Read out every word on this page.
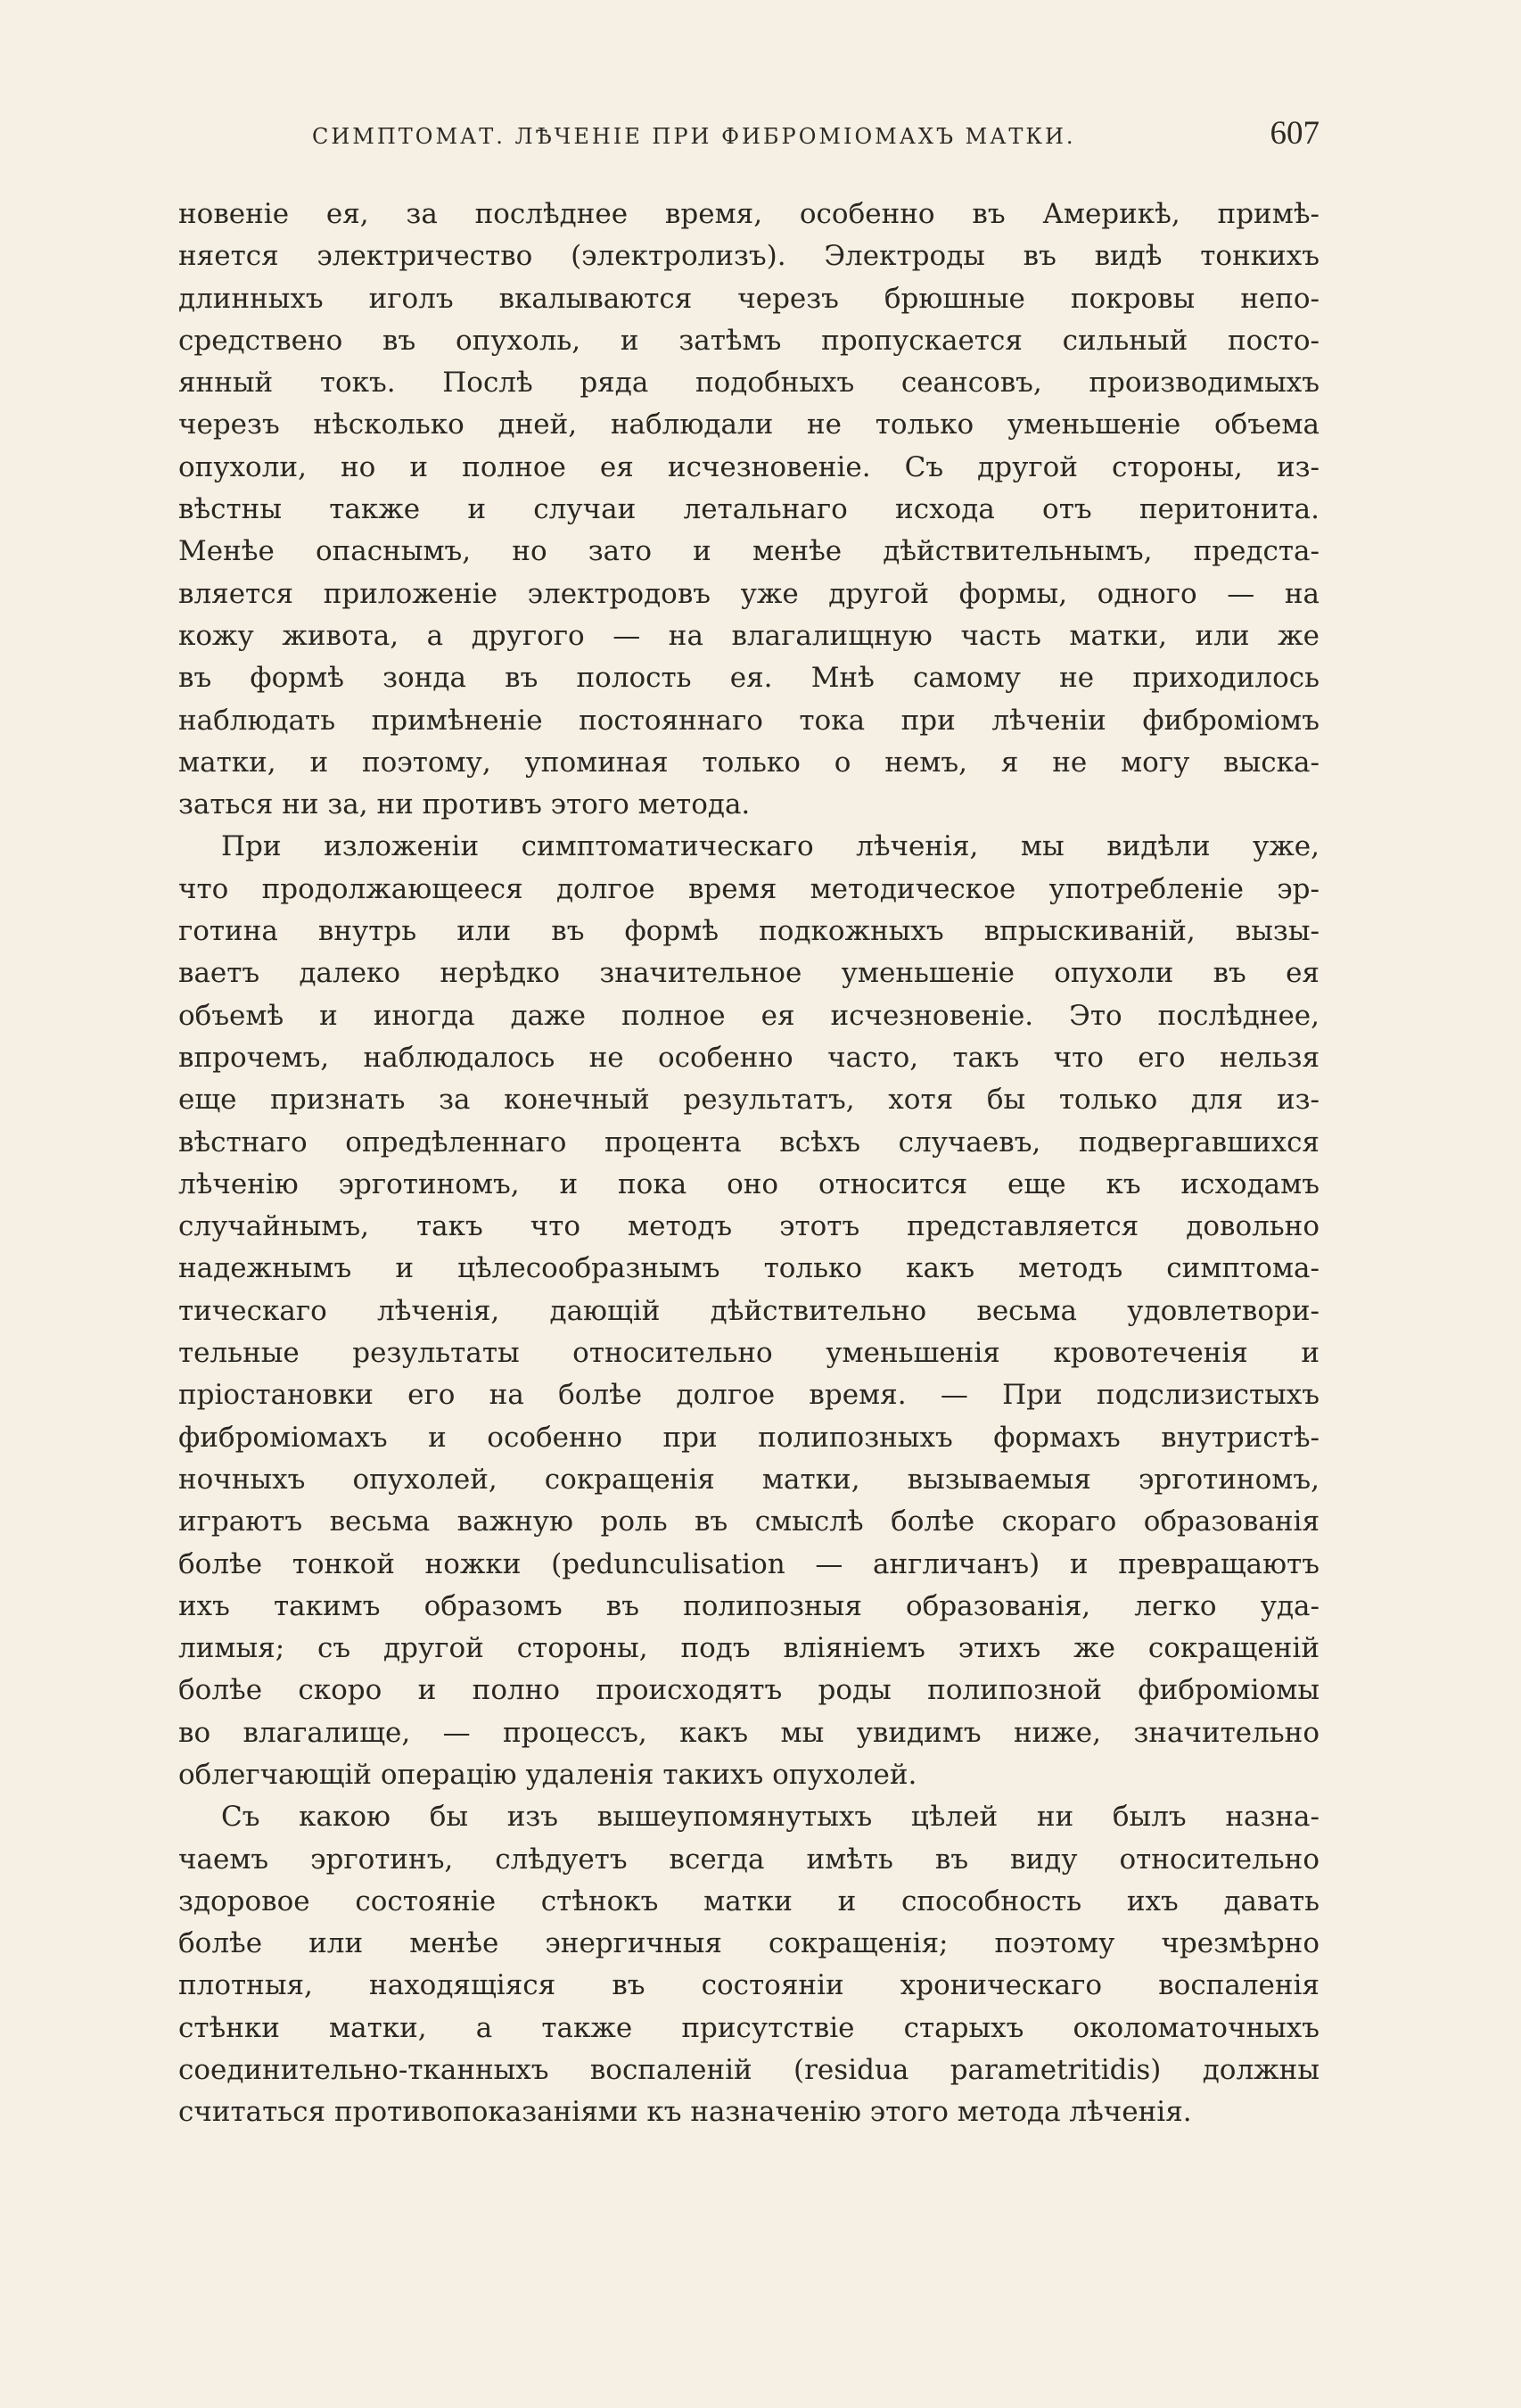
СИМПТОМАТ. ЛѢЧЕНІЕ ПРИ ФИБРОМІОМАХЪ МАТКИ.	607
новеніе ея, за послѣднее время, особенно въ Америкѣ, примѣ-
няется электричество (электролизъ). Электроды въ видѣ тонкихъ
длинныхъ иголъ вкалываются черезъ брюшные покровы непо-
средствено въ опухоль, и затѣмъ пропускается сильный посто-
янный токъ. Послѣ ряда подобныхъ сеансовъ, производимыхъ
черезъ нѣсколько дней, наблюдали не только уменьшеніе объема
опухоли, но и полное ея исчезновеніе. Съ другой стороны, из-
вѣстны также и случаи летальнаго исхода отъ перитонита.
Менѣе опаснымъ, но зато и менѣе дѣйствительнымъ, предста-
вляется приложеніе электродовъ уже другой формы, одного — на
кожу живота, а другого — на влагалищную часть матки, или же
въ формѣ зонда въ полость ея. Мнѣ самому не приходилось
наблюдать примѣненіе постояннаго тока при лѣченіи фиброміомъ
матки, и поэтому, упоминая только о немъ, я не могу выска-
заться ни за, ни противъ этого метода.
При изложеніи симптоматическаго лѣченія, мы видѣли уже,
что продолжающееся долгое время методическое употребленіе эр-
готина внутрь или въ формѣ подкожныхъ впрыскиваній, вызы-
ваетъ далеко нерѣдко значительное уменьшеніе опухоли въ ея
объемѣ и иногда даже полное ея исчезновеніе. Это послѣднее,
впрочемъ, наблюдалось не особенно часто, такъ что его нельзя
еще признать за конечный результатъ, хотя бы только для из-
вѣстнаго опредѣленнаго процента всѣхъ случаевъ, подвергавшихся
лѣченію эрготиномъ, и пока оно относится еще къ исходамъ
случайнымъ, такъ что методъ этотъ представляется довольно
надежнымъ и цѣлесообразнымъ только какъ методъ симптома-
тическаго лѣченія, дающій дѣйствительно весьма удовлетвори-
тельные результаты относительно уменьшенія кровотеченія и
пріостановки его на болѣе долгое время. — При подслизистыхъ
фиброміомахъ и особенно при полипозныхъ формахъ внутристѣ-
ночныхъ опухолей, сокращенія матки, вызываемыя эрготиномъ,
играютъ весьма важную роль въ смыслѣ болѣе скораго образованія
болѣе тонкой ножки (pedunculisation — англичанъ) и превращаютъ
ихъ такимъ образомъ въ полипозныя образованія, легко уда-
лимыя; съ другой стороны, подъ вліяніемъ этихъ же сокращеній
болѣе скоро и полно происходятъ роды полипозной фиброміомы
во влагалище, — процессъ, какъ мы увидимъ ниже, значительно
облегчающій операцію удаленія такихъ опухолей.
Съ какою бы изъ вышеупомянутыхъ цѣлей ни былъ назна-
чаемъ эрготинъ, слѣдуетъ всегда имѣть въ виду относительно
здоровое состояніе стѣнокъ матки и способность ихъ давать
болѣе или менѣе энергичныя сокращенія; поэтому чрезмѣрно
плотныя, находящіяся въ состояніи хроническаго воспаленія
стѣнки матки, а также присутствіе старыхъ околоматочныхъ
соединительно-тканныхъ воспаленій (residua parametritidis) должны
считаться противопоказаніями къ назначенію этого метода лѣченія.
